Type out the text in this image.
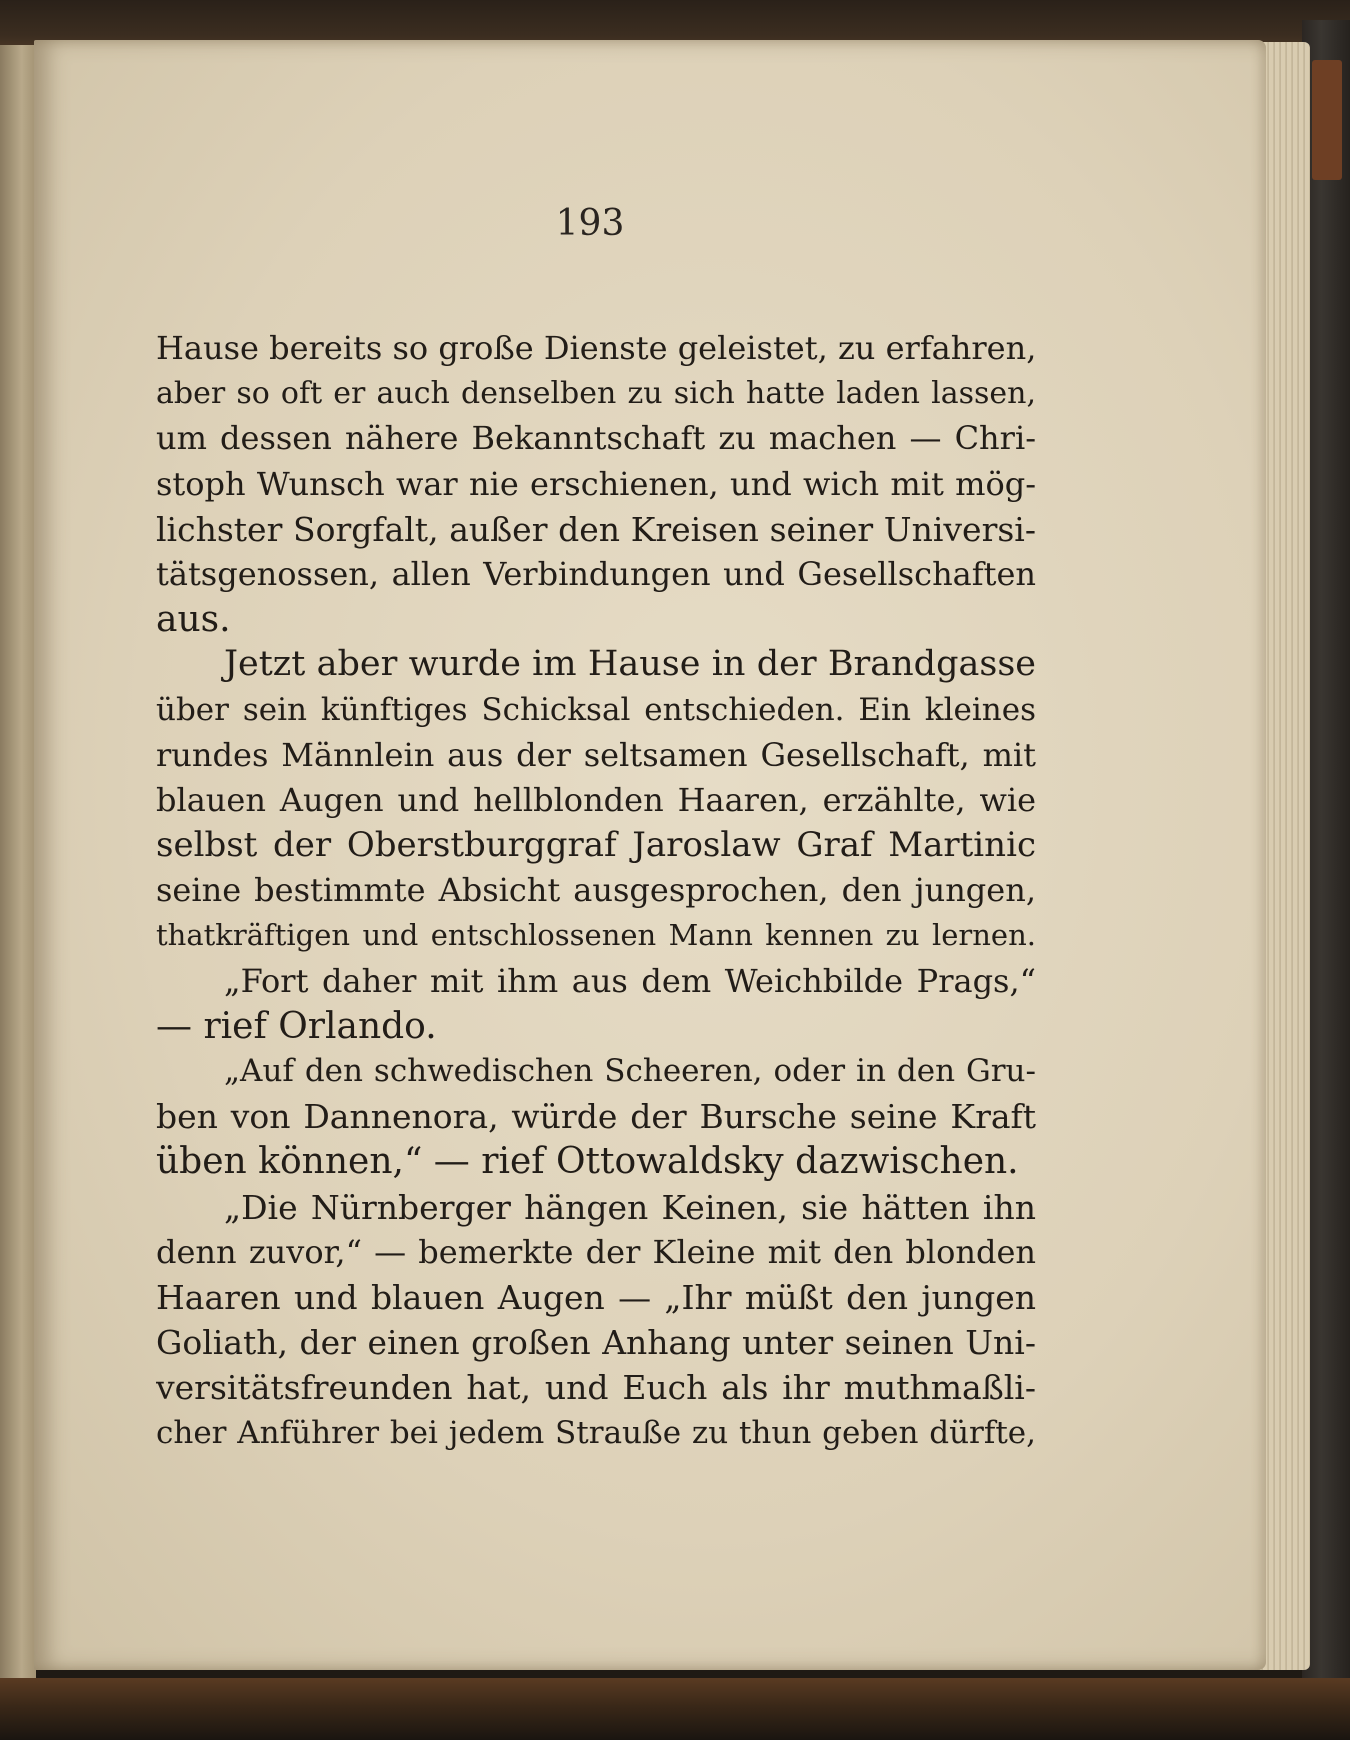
193
Hause bereits so große Dienste geleistet, zu erfahren,
aber so oft er auch denselben zu sich hatte laden lassen,
um dessen nähere Bekanntschaft zu machen — Chri-
stoph Wunsch war nie erschienen, und wich mit mög-
lichster Sorgfalt, außer den Kreisen seiner Universi-
tätsgenossen, allen Verbindungen und Gesellschaften
aus.
Jetzt aber wurde im Hause in der Brandgasse
über sein künftiges Schicksal entschieden. Ein kleines
rundes Männlein aus der seltsamen Gesellschaft, mit
blauen Augen und hellblonden Haaren, erzählte, wie
selbst der Oberstburggraf Jaroslaw Graf Martinic
seine bestimmte Absicht ausgesprochen, den jungen,
thatkräftigen und entschlossenen Mann kennen zu lernen.
„Fort daher mit ihm aus dem Weichbilde Prags,“
— rief Orlando.
„Auf den schwedischen Scheeren, oder in den Gru-
ben von Dannenora, würde der Bursche seine Kraft
üben können,“ — rief Ottowaldsky dazwischen.
„Die Nürnberger hängen Keinen, sie hätten ihn
denn zuvor,“ — bemerkte der Kleine mit den blonden
Haaren und blauen Augen — „Ihr müßt den jungen
Goliath, der einen großen Anhang unter seinen Uni-
versitätsfreunden hat, und Euch als ihr muthmaßli-
cher Anführer bei jedem Strauße zu thun geben dürfte,
